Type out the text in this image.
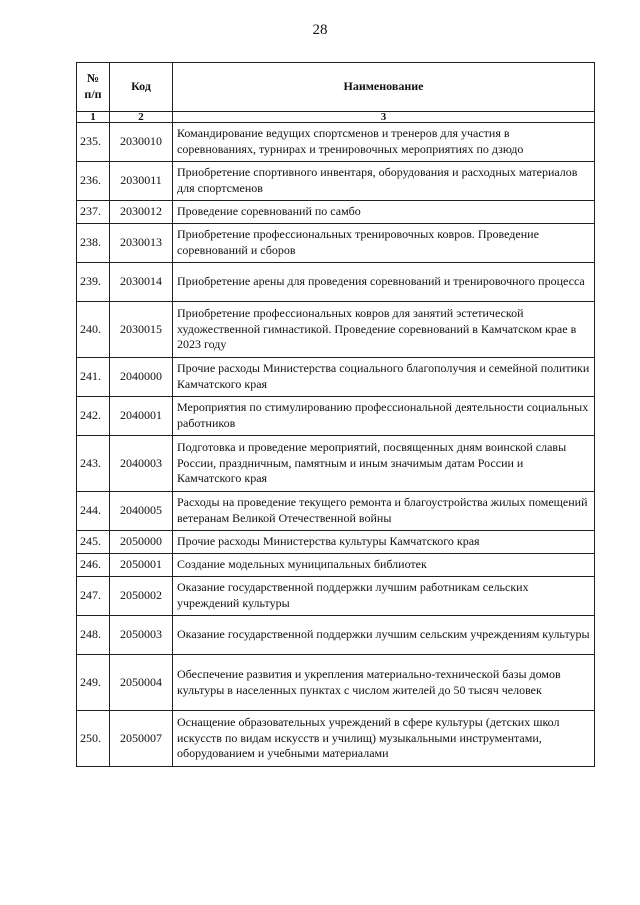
28
№ п/п	Код	Наименование
1	2	3
235.	2030010	Командирование ведущих спортсменов и тренеров для участия в соревнованиях, турнирах и тренировочных мероприятиях по дзюдо
236.	2030011	Приобретение спортивного инвентаря, оборудования и расходных материалов для спортсменов
237.	2030012	Проведение соревнований по самбо
238.	2030013	Приобретение профессиональных тренировочных ковров. Проведение соревнований и сборов
239.	2030014	Приобретение арены для проведения соревнований и тренировочного процесса
240.	2030015	Приобретение профессиональных ковров для занятий эстетической художественной гимнастикой. Проведение соревнований в Камчатском крае в 2023 году
241.	2040000	Прочие расходы Министерства социального благополучия и семейной политики Камчатского края
242.	2040001	Мероприятия по стимулированию профессиональной деятельности социальных работников
243.	2040003	Подготовка и проведение мероприятий, посвященных дням воинской славы России, праздничным, памятным и иным значимым датам России и Камчатского края
244.	2040005	Расходы на проведение текущего ремонта и благоустройства жилых помещений ветеранам Великой Отечественной войны
245.	2050000	Прочие расходы Министерства культуры Камчатского края
246.	2050001	Создание модельных муниципальных библиотек
247.	2050002	Оказание государственной поддержки лучшим работникам сельских учреждений культуры
248.	2050003	Оказание государственной поддержки лучшим сельским учреждениям культуры
249.	2050004	Обеспечение развития и укрепления материально-технической базы домов культуры в населенных пунктах с числом жителей до 50 тысяч человек
250.	2050007	Оснащение образовательных учреждений в сфере культуры (детских школ искусств по видам искусств и училищ) музыкальными инструментами, оборудованием и учебными материалами
